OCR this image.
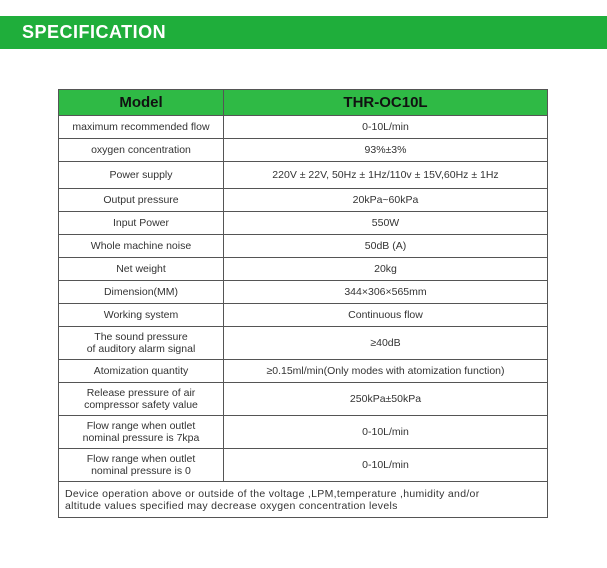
SPECIFICATION
Model	THR-OC10L
maximum recommended flow	0-10L/min
oxygen concentration	93%±3%
Power supply	220V ± 22V, 50Hz ± 1Hz/110v ± 15V,60Hz ± 1Hz
Output pressure	20kPa~60kPa
Input Power	550W
Whole machine noise	50dB (A)
Net weight	20kg
Dimension(MM)	344×306×565mm
Working system	Continuous flow

The sound pressure
of auditory alarm signal	≥40dB
Atomization quantity	≥0.15ml/min(Only modes with atomization function)

Release pressure of air
compressor safety value	250kPa±50kPa

Flow range when outlet
nominal pressure is 7kpa	0-10L/min

Flow range when outlet
nominal pressure is 0	0-10L/min

Device operation above or outside of the voltage ,LPM,temperature ,humidity and/or
altitude values specified may decrease oxygen concentration levels	
